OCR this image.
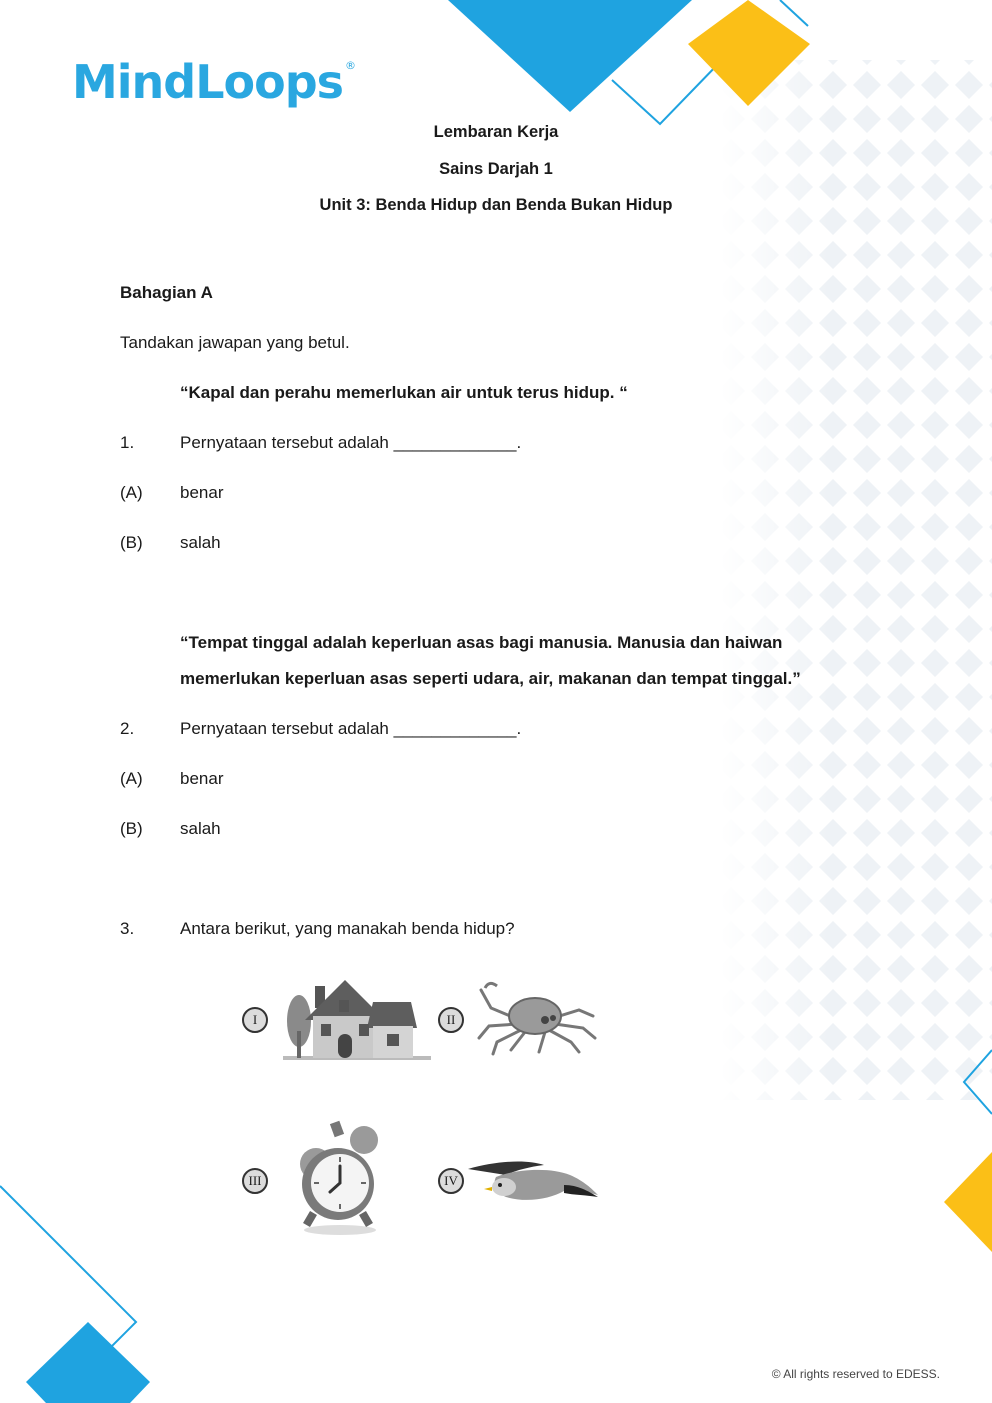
MindLoops ®
Lembaran Kerja
Sains Darjah 1
Unit 3: Benda Hidup dan Benda Bukan Hidup
Bahagian A
Tandakan jawapan yang betul.
“Kapal dan perahu memerlukan air untuk terus hidup. “
1.	Pernyataan tersebut adalah _____________.
(A) benar
(B) salah
“Tempat tinggal adalah keperluan asas bagi manusia. Manusia dan haiwan
memerlukan keperluan asas seperti udara, air, makanan dan tempat tinggal.”
2.	Pernyataan tersebut adalah _____________.
(A) benar
(B) salah
3.	Antara berikut, yang manakah benda hidup?
I	II
III	IV
© All rights reserved to EDESS.
